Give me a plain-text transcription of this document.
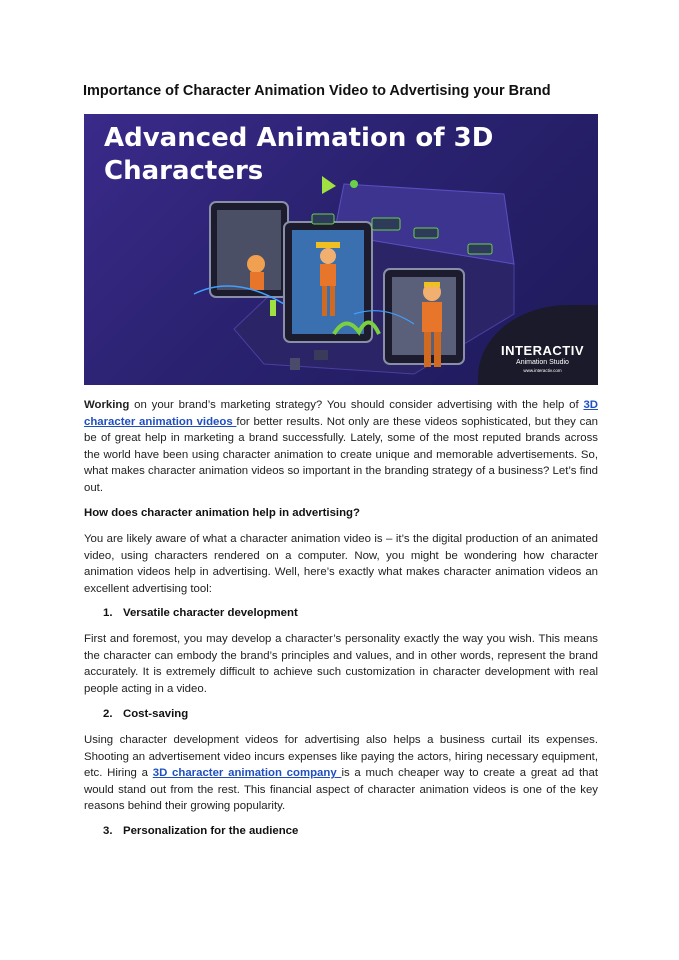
Importance of Character Animation Video to Advertising your Brand
Advanced Animation of 3D
Characters
INTERACTIV
Animation Studio
www.interactiv.com

Working on your brand’s marketing strategy? You should consider advertising with the help of 3D character animation videos for better results. Not only are these videos sophisticated, but they can be of great help in marketing a brand successfully. Lately, some of the most reputed brands across the world have been using character animation to create unique and memorable advertisements. So, what makes character animation videos so important in the branding strategy of a business? Let’s find out.

How does character animation help in advertising?

You are likely aware of what a character animation video is – it’s the digital production of an animated video, using characters rendered on a computer. Now, you might be wondering how character animation videos help in advertising. Well, here’s exactly what makes character animation videos an excellent advertising tool:

1. Versatile character development

First and foremost, you may develop a character’s personality exactly the way you wish. This means the character can embody the brand’s principles and values, and in other words, represent the brand accurately. It is extremely difficult to achieve such customization in character development with real people acting in a video.

2. Cost-saving

Using character development videos for advertising also helps a business curtail its expenses. Shooting an advertisement video incurs expenses like paying the actors, hiring necessary equipment, etc. Hiring a 3D character animation company is a much cheaper way to create a great ad that would stand out from the rest. This financial aspect of character animation videos is one of the key reasons behind their growing popularity.

3. Personalization for the audience
